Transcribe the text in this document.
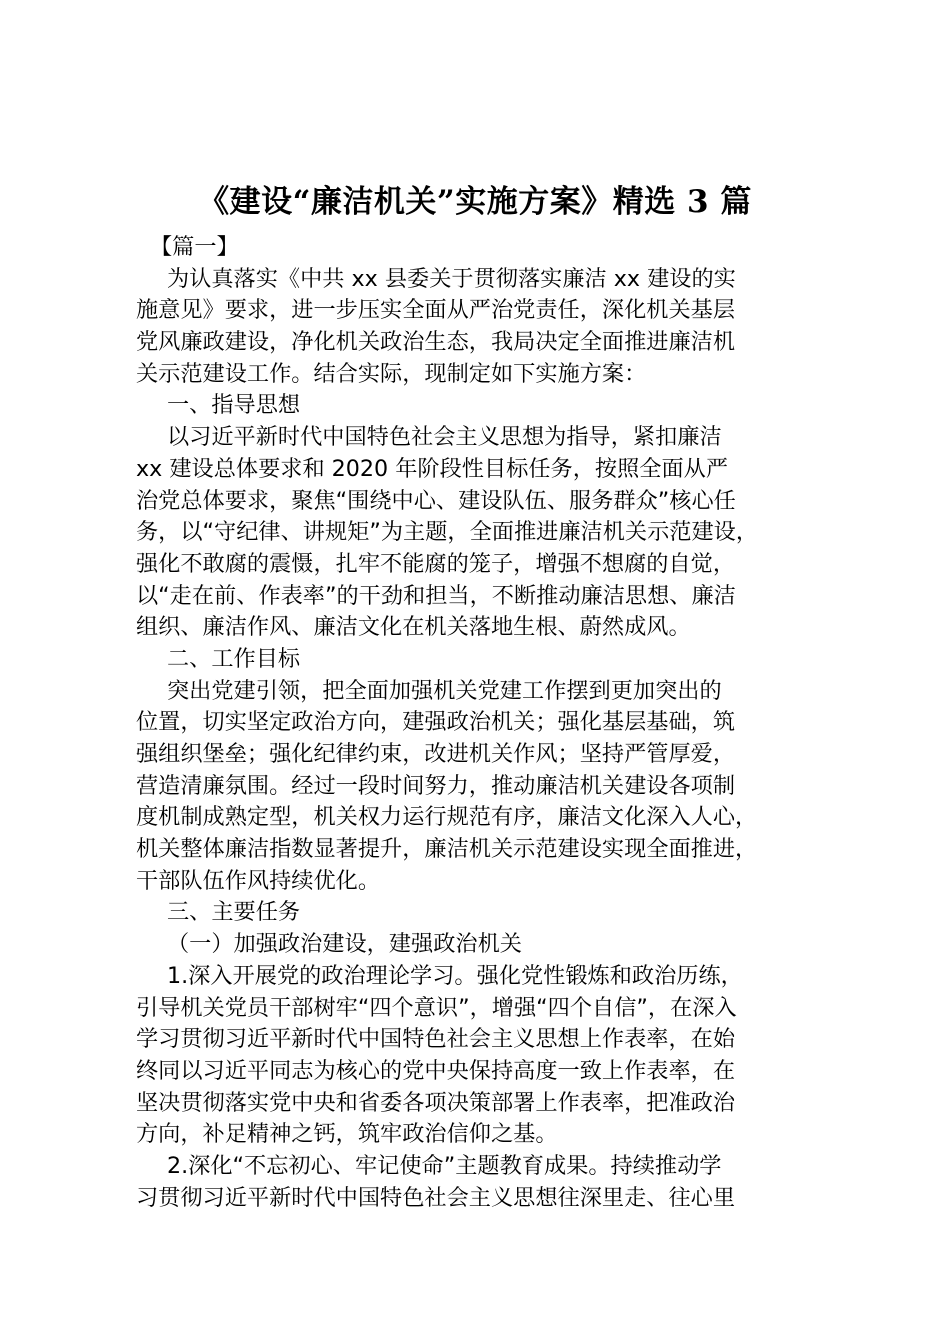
《建设“廉洁机关”实施方案》精选 3 篇
【篇一】
为认真落实《中共 xx 县委关于贯彻落实廉洁 xx 建设的实
施意见》要求，进一步压实全面从严治党责任，深化机关基层
党风廉政建设，净化机关政治生态，我局决定全面推进廉洁机
关示范建设工作。结合实际，现制定如下实施方案：
一、指导思想
以习近平新时代中国特色社会主义思想为指导，紧扣廉洁
xx 建设总体要求和 2020 年阶段性目标任务，按照全面从严
治党总体要求，聚焦“围绕中心、建设队伍、服务群众”核心任
务，以“守纪律、讲规矩”为主题，全面推进廉洁机关示范建设，
强化不敢腐的震慑，扎牢不能腐的笼子，增强不想腐的自觉，
以“走在前、作表率”的干劲和担当，不断推动廉洁思想、廉洁
组织、廉洁作风、廉洁文化在机关落地生根、蔚然成风。
二、工作目标
突出党建引领，把全面加强机关党建工作摆到更加突出的
位置，切实坚定政治方向，建强政治机关；强化基层基础，筑
强组织堡垒；强化纪律约束，改进机关作风；坚持严管厚爱，
营造清廉氛围。经过一段时间努力，推动廉洁机关建设各项制
度机制成熟定型，机关权力运行规范有序，廉洁文化深入人心，
机关整体廉洁指数显著提升，廉洁机关示范建设实现全面推进，
干部队伍作风持续优化。
三、主要任务
（一）加强政治建设，建强政治机关
1.深入开展党的政治理论学习。强化党性锻炼和政治历练，
引导机关党员干部树牢“四个意识”，增强“四个自信”，在深入
学习贯彻习近平新时代中国特色社会主义思想上作表率，在始
终同以习近平同志为核心的党中央保持高度一致上作表率，在
坚决贯彻落实党中央和省委各项决策部署上作表率，把准政治
方向，补足精神之钙，筑牢政治信仰之基。
2.深化“不忘初心、牢记使命”主题教育成果。持续推动学
习贯彻习近平新时代中国特色社会主义思想往深里走、往心里
